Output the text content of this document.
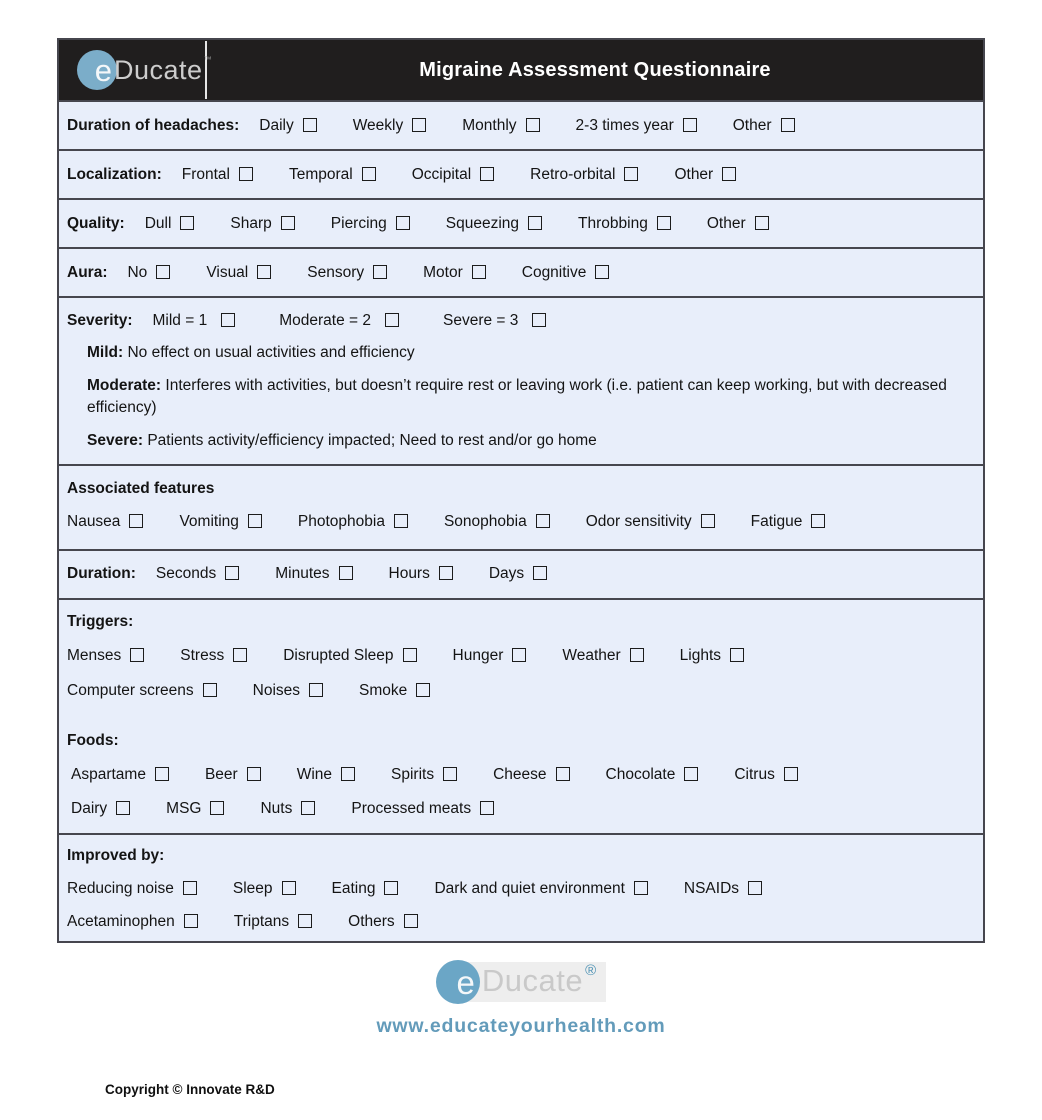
e Ducate ™	Migraine Assessment Questionnaire
Duration of headaches: Daily	Weekly	Monthly	2-3 times year	Other
Localization: Frontal	Temporal	Occipital	Retro-orbital	Other
Quality: Dull	Sharp	Piercing	Squeezing	Throbbing	Other
Aura: No	Visual	Sensory	Motor	Cognitive
Severity: Mild = 1	Moderate = 2	Severe = 3
Mild: No effect on usual activities and efficiency
Moderate: Interferes with activities, but doesn’t require rest or leaving work (i.e. patient can keep working, but with decreased efficiency)
Severe: Patients activity/efficiency impacted; Need to rest and/or go home
Associated features
Nausea	Vomiting	Photophobia	Sonophobia	Odor sensitivity	Fatigue
Duration: Seconds	Minutes	Hours	Days
Triggers:
Menses	Stress	Disrupted Sleep	Hunger	Weather	Lights
Computer screens	Noises	Smoke
Foods:
Aspartame	Beer	Wine	Spirits	Cheese	Chocolate	Citrus
Dairy	MSG	Nuts	Processed meats
Improved by:
Reducing noise	Sleep	Eating	Dark and quiet environment	NSAIDs
Acetaminophen	Triptans	Others
e Ducate ®
www.educateyourhealth.com
Copyright © Innovate R&D
